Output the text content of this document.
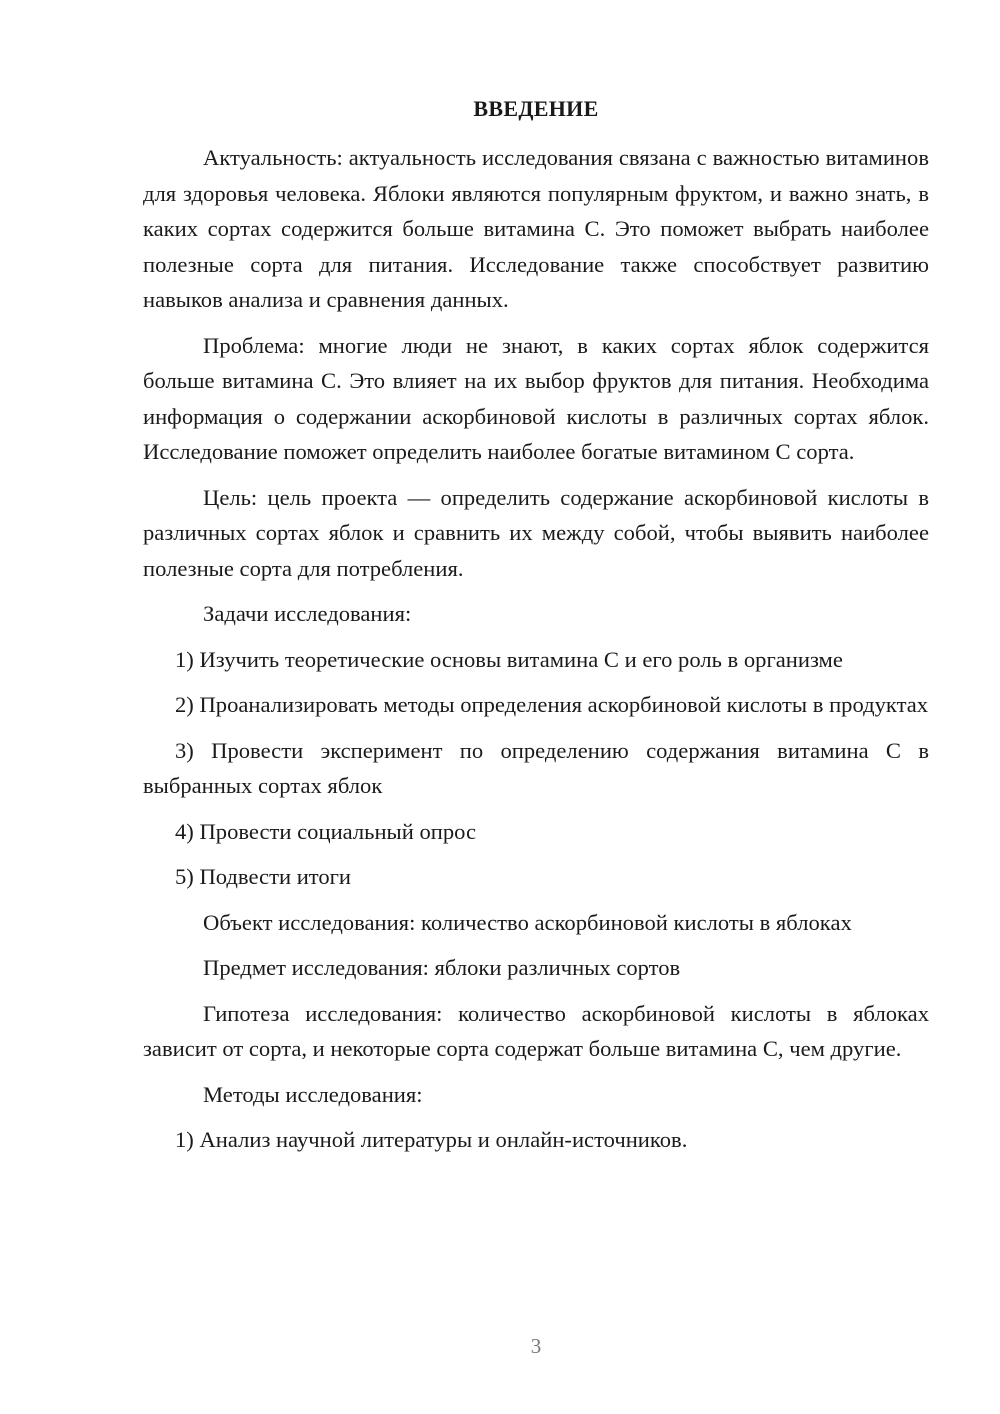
ВВЕДЕНИЕ

Актуальность: актуальность исследования связана с важностью витаминов для здоровья человека. Яблоки являются популярным фруктом, и важно знать, в каких сортах содержится больше витамина С. Это поможет выбрать наиболее полезные сорта для питания. Исследование также способствует развитию навыков анализа и сравнения данных.

Проблема: многие люди не знают, в каких сортах яблок содержится больше витамина С. Это влияет на их выбор фруктов для питания. Необходима информация о содержании аскорбиновой кислоты в различных сортах яблок. Исследование поможет определить наиболее богатые витамином С сорта.

Цель: цель проекта — определить содержание аскорбиновой кислоты в различных сортах яблок и сравнить их между собой, чтобы выявить наиболее полезные сорта для потребления.

Задачи исследования:

1) Изучить теоретические основы витамина С и его роль в организме

2) Проанализировать методы определения аскорбиновой кислоты в продуктах

3) Провести эксперимент по определению содержания витамина С в выбранных сортах яблок

4) Провести социальный опрос

5) Подвести итоги

Объект исследования: количество аскорбиновой кислоты в яблоках

Предмет исследования: яблоки различных сортов

Гипотеза исследования: количество аскорбиновой кислоты в яблоках зависит от сорта, и некоторые сорта содержат больше витамина С, чем другие.

Методы исследования:

1) Анализ научной литературы и онлайн-источников.

3
